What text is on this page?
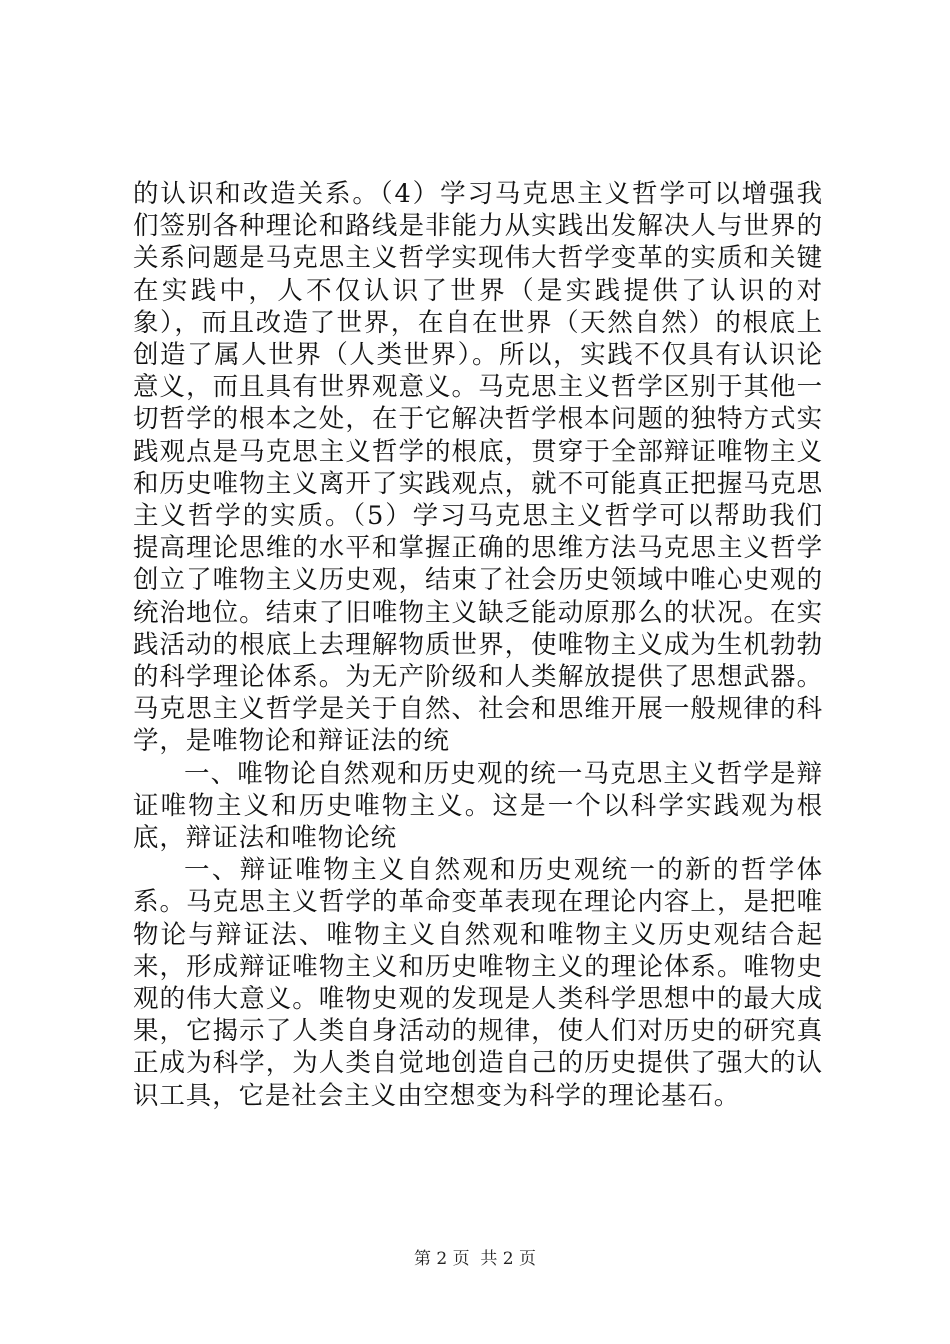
的认识和改造关系。（4）学习马克思主义哲学可以增强我们签别各种理论和路线是非能力从实践出发解决人与世界的关系问题是马克思主义哲学实现伟大哲学变革的实质和关键在实践中，人不仅认识了世界（是实践提供了认识的对象），而且改造了世界，在自在世界（天然自然）的根底上创造了属人世界（人类世界）。所以，实践不仅具有认识论意义，而且具有世界观意义。马克思主义哲学区别于其他一切哲学的根本之处，在于它解决哲学根本问题的独特方式实践观点是马克思主义哲学的根底，贯穿于全部辩证唯物主义和历史唯物主义离开了实践观点，就不可能真正把握马克思主义哲学的实质。（5）学习马克思主义哲学可以帮助我们提高理论思维的水平和掌握正确的思维方法马克思主义哲学创立了唯物主义历史观，结束了社会历史领域中唯心史观的统治地位。结束了旧唯物主义缺乏能动原那么的状况。在实践活动的根底上去理解物质世界，使唯物主义成为生机勃勃的科学理论体系。为无产阶级和人类解放提供了思想武器。马克思主义哲学是关于自然、社会和思维开展一般规律的科学，是唯物论和辩证法的统

一、唯物论自然观和历史观的统一马克思主义哲学是辩证唯物主义和历史唯物主义。这是一个以科学实践观为根底，辩证法和唯物论统

一、辩证唯物主义自然观和历史观统一的新的哲学体系。马克思主义哲学的革命变革表现在理论内容上，是把唯物论与辩证法、唯物主义自然观和唯物主义历史观结合起来，形成辩证唯物主义和历史唯物主义的理论体系。唯物史观的伟大意义。唯物史观的发现是人类科学思想中的最大成果，它揭示了人类自身活动的规律，使人们对历史的研究真正成为科学，为人类自觉地创造自己的历史提供了强大的认识工具，它是社会主义由空想变为科学的理论基石。

第 2 页  共 2 页
